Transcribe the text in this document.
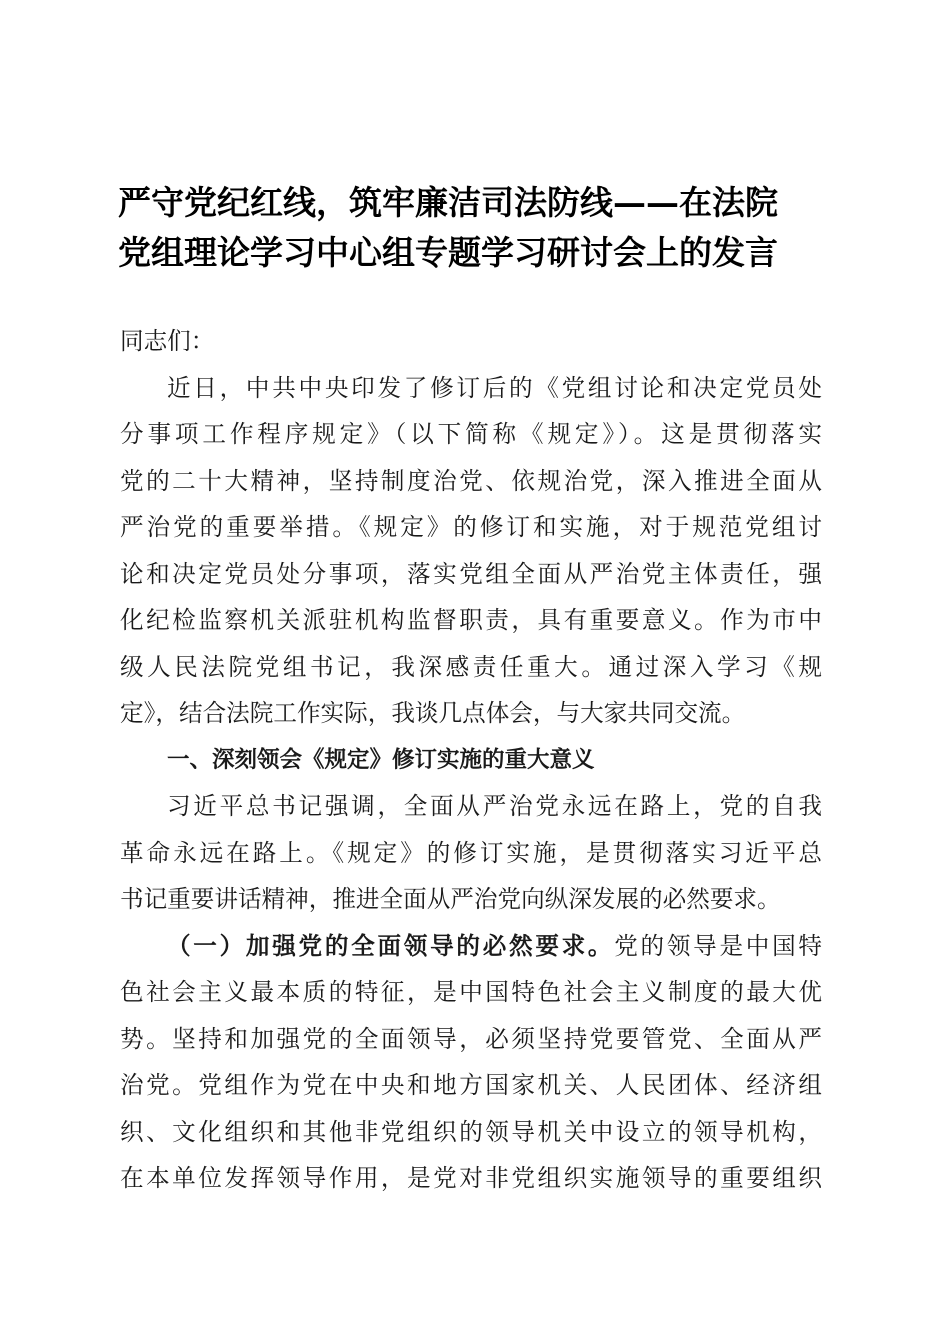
严守党纪红线，筑牢廉洁司法防线——在法院
党组理论学习中心组专题学习研讨会上的发言
同志们：
近日，中共中央印发了修订后的《党组讨论和决定党员处
分事项工作程序规定》（以下简称《规定》）。这是贯彻落实
党的二十大精神，坚持制度治党、依规治党，深入推进全面从
严治党的重要举措。《规定》的修订和实施，对于规范党组讨
论和决定党员处分事项，落实党组全面从严治党主体责任，强
化纪检监察机关派驻机构监督职责，具有重要意义。作为市中
级人民法院党组书记，我深感责任重大。通过深入学习《规
定》，结合法院工作实际，我谈几点体会，与大家共同交流。
一、深刻领会《规定》修订实施的重大意义
习近平总书记强调，全面从严治党永远在路上，党的自我
革命永远在路上。《规定》的修订实施，是贯彻落实习近平总
书记重要讲话精神，推进全面从严治党向纵深发展的必然要求。
（一）加强党的全面领导的必然要求。党的领导是中国特
色社会主义最本质的特征，是中国特色社会主义制度的最大优
势。坚持和加强党的全面领导，必须坚持党要管党、全面从严
治党。党组作为党在中央和地方国家机关、人民团体、经济组
织、文化组织和其他非党组织的领导机关中设立的领导机构，
在本单位发挥领导作用，是党对非党组织实施领导的重要组织
